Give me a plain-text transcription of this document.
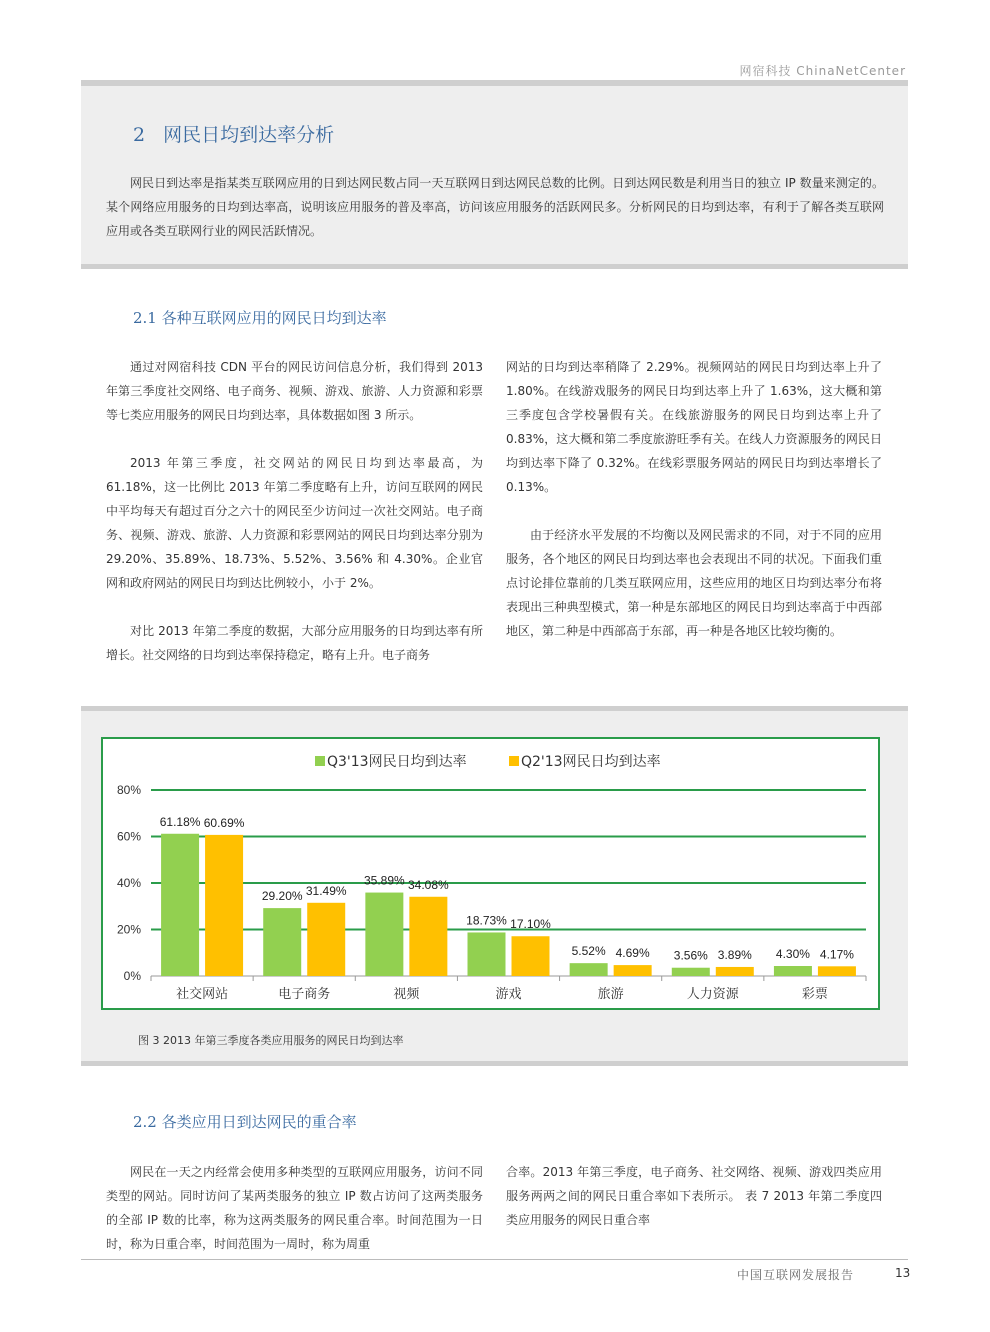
网宿科技 ChinaNetCenter
2 网民日均到达率分析
网民日到达率是指某类互联网应用的日到达网民数占同一天互联网日到达网民总数的比例。日到达网民数是利用当日的独立 IP 数量来测定的。某个网络应用服务的日均到达率高，说明该应用服务的普及率高，访问该应用服务的活跃网民多。分析网民的日均到达率，有利于了解各类互联网应用或各类互联网行业的网民活跃情况。
2.1 各种互联网应用的网民日均到达率

通过对网宿科技 CDN 平台的网民访问信息分析，我们得到 2013 年第三季度社交网络、电子商务、视频、游戏、旅游、人力资源和彩票等七类应用服务的网民日均到达率，具体数据如图 3 所示。

2013 年第三季度，社交网站的网民日均到达率最高，为 61.18%，这一比例比 2013 年第二季度略有上升，访问互联网的网民中平均每天有超过百分之六十的网民至少访问过一次社交网站。电子商务、视频、游戏、旅游、人力资源和彩票网站的网民日均到达率分别为 29.20%、35.89%、18.73%、5.52%、3.56% 和 4.30%。企业官网和政府网站的网民日均到达比例较小，小于 2%。

对比 2013 年第二季度的数据，大部分应用服务的日均到达率有所增长。社交网络的日均到达率保持稳定，略有上升。电子商务

网站的日均到达率稍降了 2.29%。视频网站的网民日均到达率上升了 1.80%。在线游戏服务的网民日均到达率上升了 1.63%，这大概和第三季度包含学校暑假有关。在线旅游服务的网民日均到达率上升了 0.83%，这大概和第二季度旅游旺季有关。在线人力资源服务的网民日均到达率下降了 0.32%。在线彩票服务网站的网民日均到达率增长了 0.13%。

由于经济水平发展的不均衡以及网民需求的不同，对于不同的应用服务，各个地区的网民日均到达率也会表现出不同的状况。下面我们重点讨论排位靠前的几类互联网应用，这些应用的地区日均到达率分布将表现出三种典型模式，第一种是东部地区的网民日均到达率高于中西部地区，第二种是中西部高于东部，再一种是各地区比较均衡的。

0%
20%
40%
60%
80%
社交网站
61.18% 60.69%
电子商务
29.20% 31.49%
视频
35.89% 34.08%
游戏
18.73% 17.10%
旅游
5.52% 4.69%
人力资源
3.56% 3.89%
彩票
4.30% 4.17%
Q3'13网民日均到达率	Q2'13网民日均到达率
图 3 2013 年第三季度各类应用服务的网民日均到达率
2.2 各类应用日到达网民的重合率

网民在一天之内经常会使用多种类型的互联网应用服务，访问不同类型的网站。同时访问了某两类服务的独立 IP 数占访问了这两类服务的全部 IP 数的比率，称为这两类服务的网民重合率。时间范围为一日时，称为日重合率，时间范围为一周时，称为周重

合率。2013 年第三季度，电子商务、社交网络、视频、游戏四类应用服务两两之间的网民日重合率如下表所示。 表 7 2013 年第二季度四类应用服务的网民日重合率

中国互联网发展报告	13
